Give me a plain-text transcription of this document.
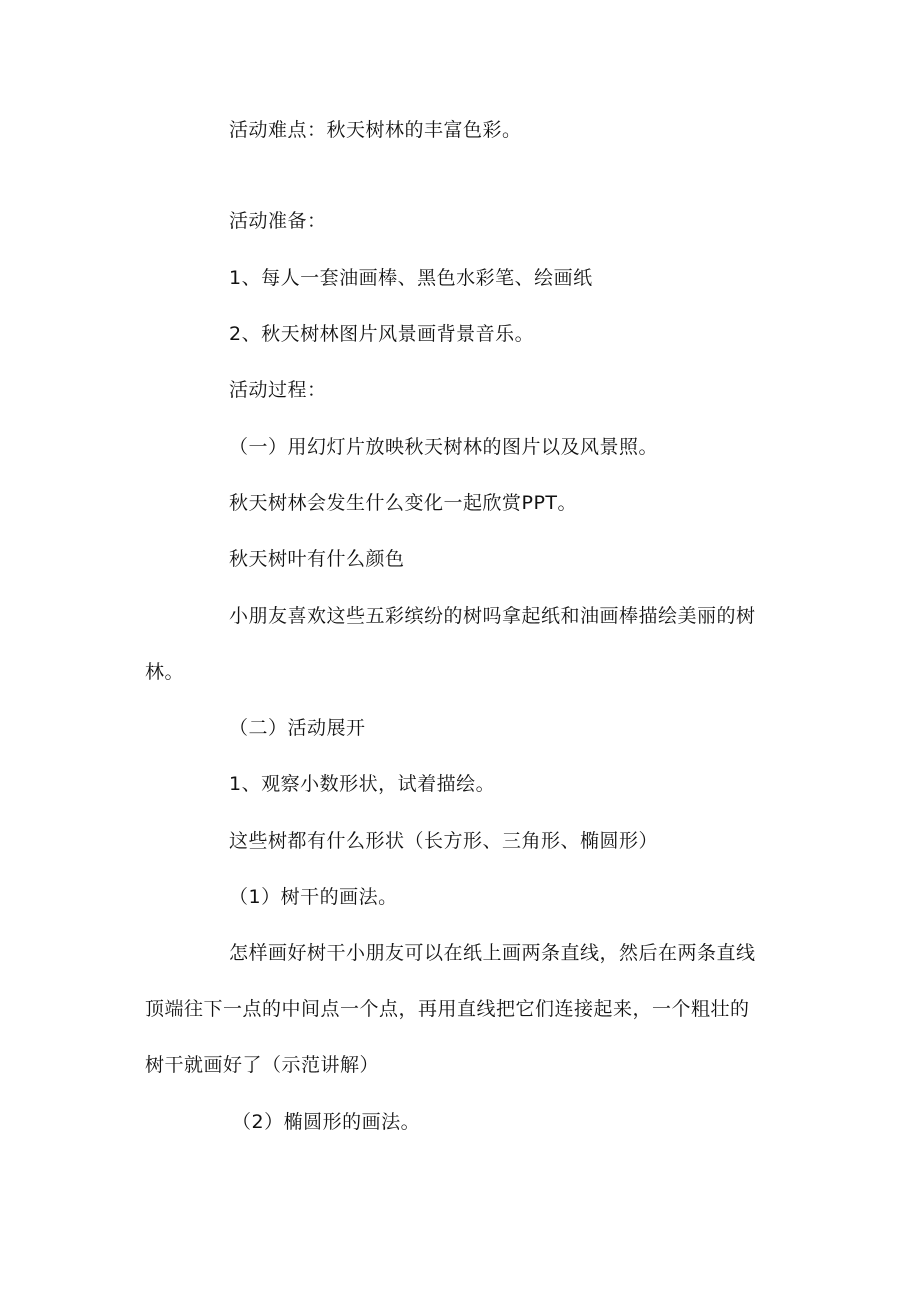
活动难点：秋天树林的丰富色彩。
活动准备：
1、每人一套油画棒、黑色水彩笔、绘画纸
2、秋天树林图片风景画背景音乐。
活动过程：
（一）用幻灯片放映秋天树林的图片以及风景照。
秋天树林会发生什么变化一起欣赏PPT。
秋天树叶有什么颜色
小朋友喜欢这些五彩缤纷的树吗拿起纸和油画棒描绘美丽的树
林。
（二）活动展开
1、观察小数形状，试着描绘。
这些树都有什么形状（长方形、三角形、椭圆形）
（1）树干的画法。
怎样画好树干小朋友可以在纸上画两条直线，然后在两条直线
顶端往下一点的中间点一个点，再用直线把它们连接起来，一个粗壮的
树干就画好了（示范讲解）
（2）椭圆形的画法。
